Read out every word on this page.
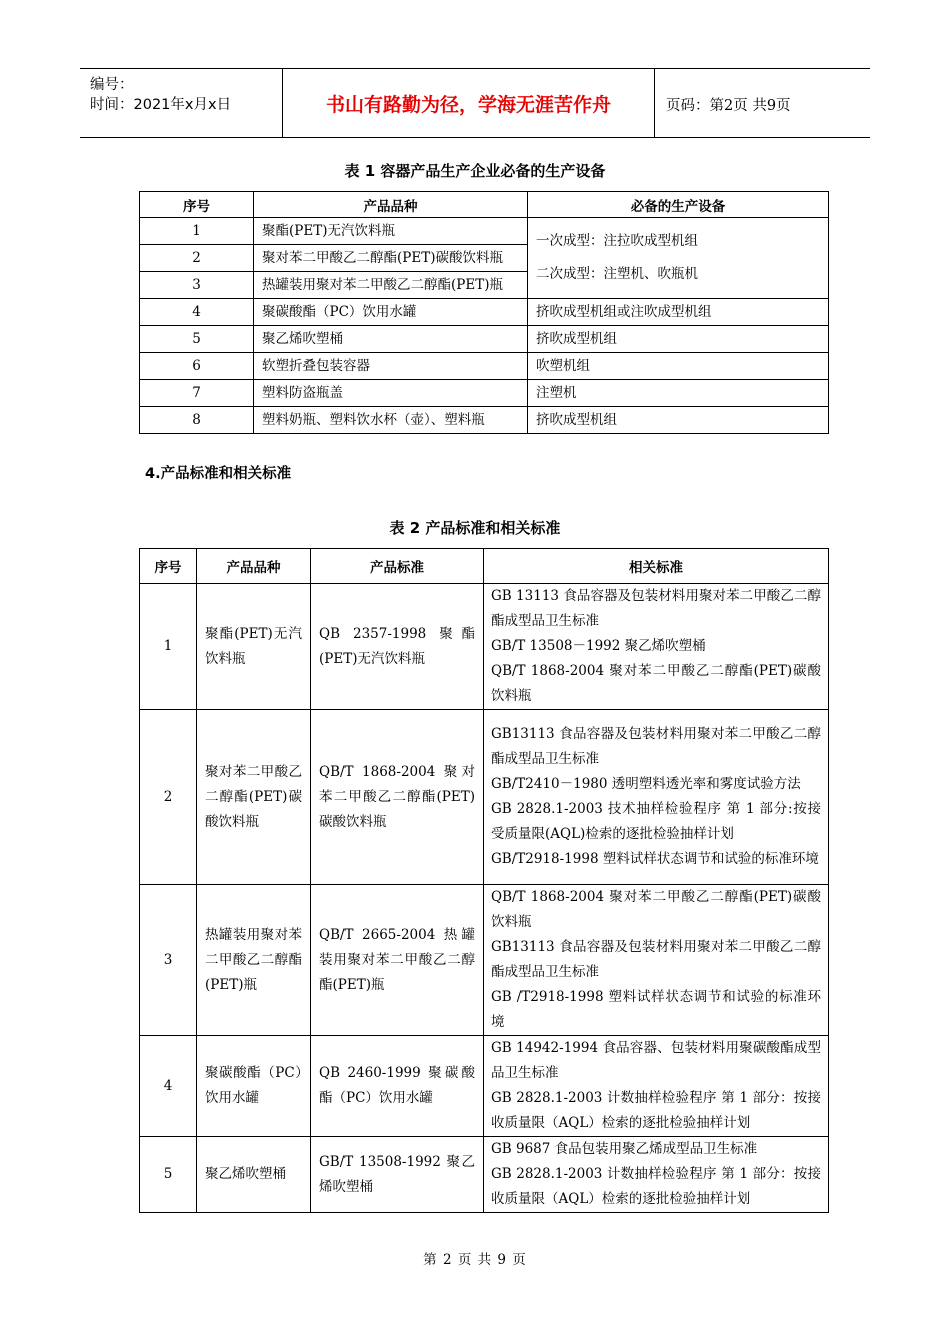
编号：
时间：2021年x月x日	书山有路勤为径，学海无涯苦作舟	页码：第2页 共9页
表 1 容器产品生产企业必备的生产设备
序号	产品品种	必备的生产设备
1	聚酯(PET)无汽饮料瓶	一次成型：注拉吹成型机组
二次成型：注塑机、吹瓶机

2	聚对苯二甲酸乙二醇酯(PET)碳酸饮料瓶	
3	热罐装用聚对苯二甲酸乙二醇酯(PET)瓶	
4	聚碳酸酯（PC）饮用水罐	挤吹成型机组或注吹成型机组
5	聚乙烯吹塑桶	挤吹成型机组
6	软塑折叠包装容器	吹塑机组
7	塑料防盗瓶盖	注塑机
8	塑料奶瓶、塑料饮水杯（壶）、塑料瓶	挤吹成型机组
4.产品标准和相关标准
表 2 产品标准和相关标准
序号	产品品种	产品标准	相关标准
1	聚酯(PET)无汽饮料瓶	QB 2357-1998 聚酯(PET)无汽饮料瓶	GB 13113 食品容器及包装材料用聚对苯二甲酸乙二醇酯成型品卫生标准
GB/T 13508－1992 聚乙烯吹塑桶
QB/T 1868-2004 聚对苯二甲酸乙二醇酯(PET)碳酸饮料瓶

2	聚对苯二甲酸乙二醇酯(PET)碳酸饮料瓶	QB/T 1868-2004 聚对苯二甲酸乙二醇酯(PET)碳酸饮料瓶	GB13113 食品容器及包装材料用聚对苯二甲酸乙二醇酯成型品卫生标准
GB/T2410－1980 透明塑料透光率和雾度试验方法
GB 2828.1-2003 技术抽样检验程序 第 1 部分:按接受质量限(AQL)检索的逐批检验抽样计划
GB/T2918-1998 塑料试样状态调节和试验的标准环境

3	热罐装用聚对苯二甲酸乙二醇酯(PET)瓶	QB/T 2665-2004 热罐装用聚对苯二甲酸乙二醇酯(PET)瓶	QB/T 1868-2004 聚对苯二甲酸乙二醇酯(PET)碳酸饮料瓶
GB13113 食品容器及包装材料用聚对苯二甲酸乙二醇酯成型品卫生标准
GB /T2918-1998 塑料试样状态调节和试验的标准环境

4	聚碳酸酯（PC）饮用水罐	QB 2460-1999 聚碳酸酯（PC）饮用水罐	GB 14942-1994 食品容器、包装材料用聚碳酸酯成型品卫生标准
GB 2828.1-2003 计数抽样检验程序 第 1 部分：按接收质量限（AQL）检索的逐批检验抽样计划

5	聚乙烯吹塑桶	GB/T 13508-1992 聚乙烯吹塑桶	GB 9687 食品包装用聚乙烯成型品卫生标准
GB 2828.1-2003 计数抽样检验程序 第 1 部分：按接收质量限（AQL）检索的逐批检验抽样计划
第 2 页 共 9 页
